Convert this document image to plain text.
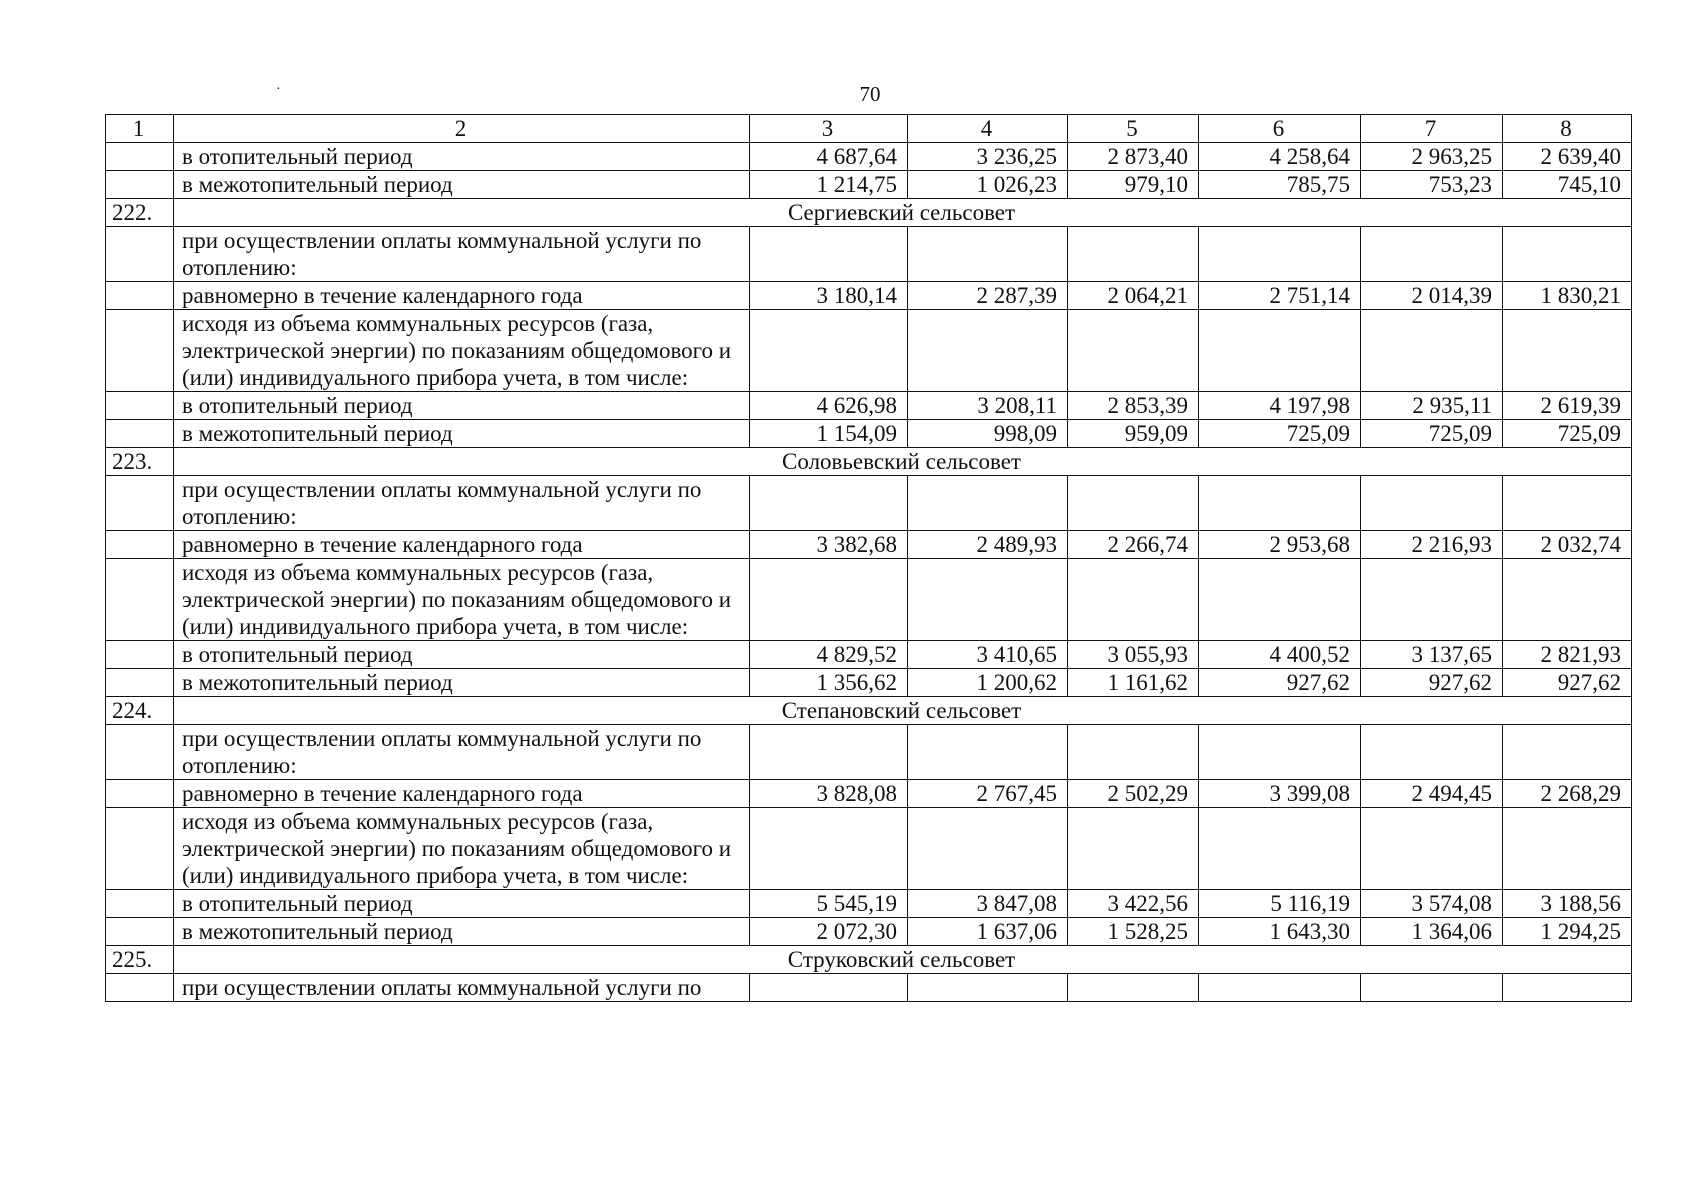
·	70
1	2	3	4	5	6	7	8
	в отопительный период	4 687,64	3 236,25	2 873,40	4 258,64	2 963,25	2 639,40
	в межотопительный период	1 214,75	1 026,23	979,10	785,75	753,23	745,10
222.	Сергиевский сельсовет						
	при осуществлении оплаты коммунальной услуги по отоплению:						
	равномерно в течение календарного года	3 180,14	2 287,39	2 064,21	2 751,14	2 014,39	1 830,21
	исходя из объема коммунальных ресурсов (газа, электрической энергии) по показаниям общедомового и (или) индивидуального прибора учета, в том числе:						
	в отопительный период	4 626,98	3 208,11	2 853,39	4 197,98	2 935,11	2 619,39
	в межотопительный период	1 154,09	998,09	959,09	725,09	725,09	725,09
223.	Соловьевский сельсовет						
	при осуществлении оплаты коммунальной услуги по отоплению:						
	равномерно в течение календарного года	3 382,68	2 489,93	2 266,74	2 953,68	2 216,93	2 032,74
	исходя из объема коммунальных ресурсов (газа, электрической энергии) по показаниям общедомового и (или) индивидуального прибора учета, в том числе:						
	в отопительный период	4 829,52	3 410,65	3 055,93	4 400,52	3 137,65	2 821,93
	в межотопительный период	1 356,62	1 200,62	1 161,62	927,62	927,62	927,62
224.	Степановский сельсовет						
	при осуществлении оплаты коммунальной услуги по отоплению:						
	равномерно в течение календарного года	3 828,08	2 767,45	2 502,29	3 399,08	2 494,45	2 268,29
	исходя из объема коммунальных ресурсов (газа, электрической энергии) по показаниям общедомового и (или) индивидуального прибора учета, в том числе:						
	в отопительный период	5 545,19	3 847,08	3 422,56	5 116,19	3 574,08	3 188,56
	в межотопительный период	2 072,30	1 637,06	1 528,25	1 643,30	1 364,06	1 294,25
225.	Струковский сельсовет						
	при осуществлении оплаты коммунальной услуги по						
